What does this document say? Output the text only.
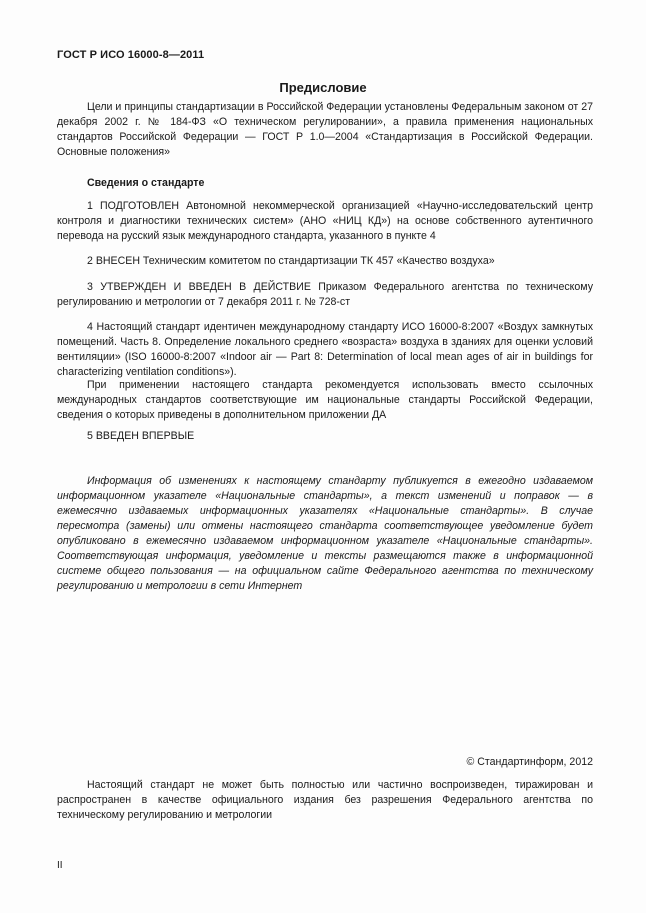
ГОСТ Р ИСО 16000-8—2011
Предисловие

Цели и принципы стандартизации в Российской Федерации установлены Федеральным законом от 27 декабря 2002 г. № 184-ФЗ «О техническом регулировании», а правила применения национальных стандартов Российской Федерации — ГОСТ Р 1.0—2004 «Стандартизация в Российской Федерации. Основные положения»

Сведения о стандарте

1 ПОДГОТОВЛЕН Автономной некоммерческой организацией «Научно-исследовательский центр контроля и диагностики технических систем» (АНО «НИЦ КД») на основе собственного аутентичного перевода на русский язык международного стандарта, указанного в пункте 4

2 ВНЕСЕН Техническим комитетом по стандартизации ТК 457 «Качество воздуха»

3 УТВЕРЖДЕН И ВВЕДЕН В ДЕЙСТВИЕ Приказом Федерального агентства по техническому регулированию и метрологии от 7 декабря 2011 г. № 728-ст

4 Настоящий стандарт идентичен международному стандарту ИСО 16000-8:2007 «Воздух замкнутых помещений. Часть 8. Определение локального среднего «возраста» воздуха в зданиях для оценки условий вентиляции» (ISO 16000-8:2007 «Indoor air — Part 8: Determination of local mean ages of air in buildings for characterizing ventilation conditions»).

При применении настоящего стандарта рекомендуется использовать вместо ссылочных международных стандартов соответствующие им национальные стандарты Российской Федерации, сведения о которых приведены в дополнительном приложении ДА

5 ВВЕДЕН ВПЕРВЫЕ

Информация об изменениях к настоящему стандарту публикуется в ежегодно издаваемом информационном указателе «Национальные стандарты», а текст изменений и поправок — в ежемесячно издаваемых информационных указателях «Национальные стандарты». В случае пересмотра (замены) или отмены настоящего стандарта соответствующее уведомление будет опубликовано в ежемесячно издаваемом информационном указателе «Национальные стандарты». Соответствующая информация, уведомление и тексты размещаются также в информационной системе общего пользования — на официальном сайте Федерального агентства по техническому регулированию и метрологии в сети Интернет

© Стандартинформ, 2012

Настоящий стандарт не может быть полностью или частично воспроизведен, тиражирован и распространен в качестве официального издания без разрешения Федерального агентства по техническому регулированию и метрологии

II
